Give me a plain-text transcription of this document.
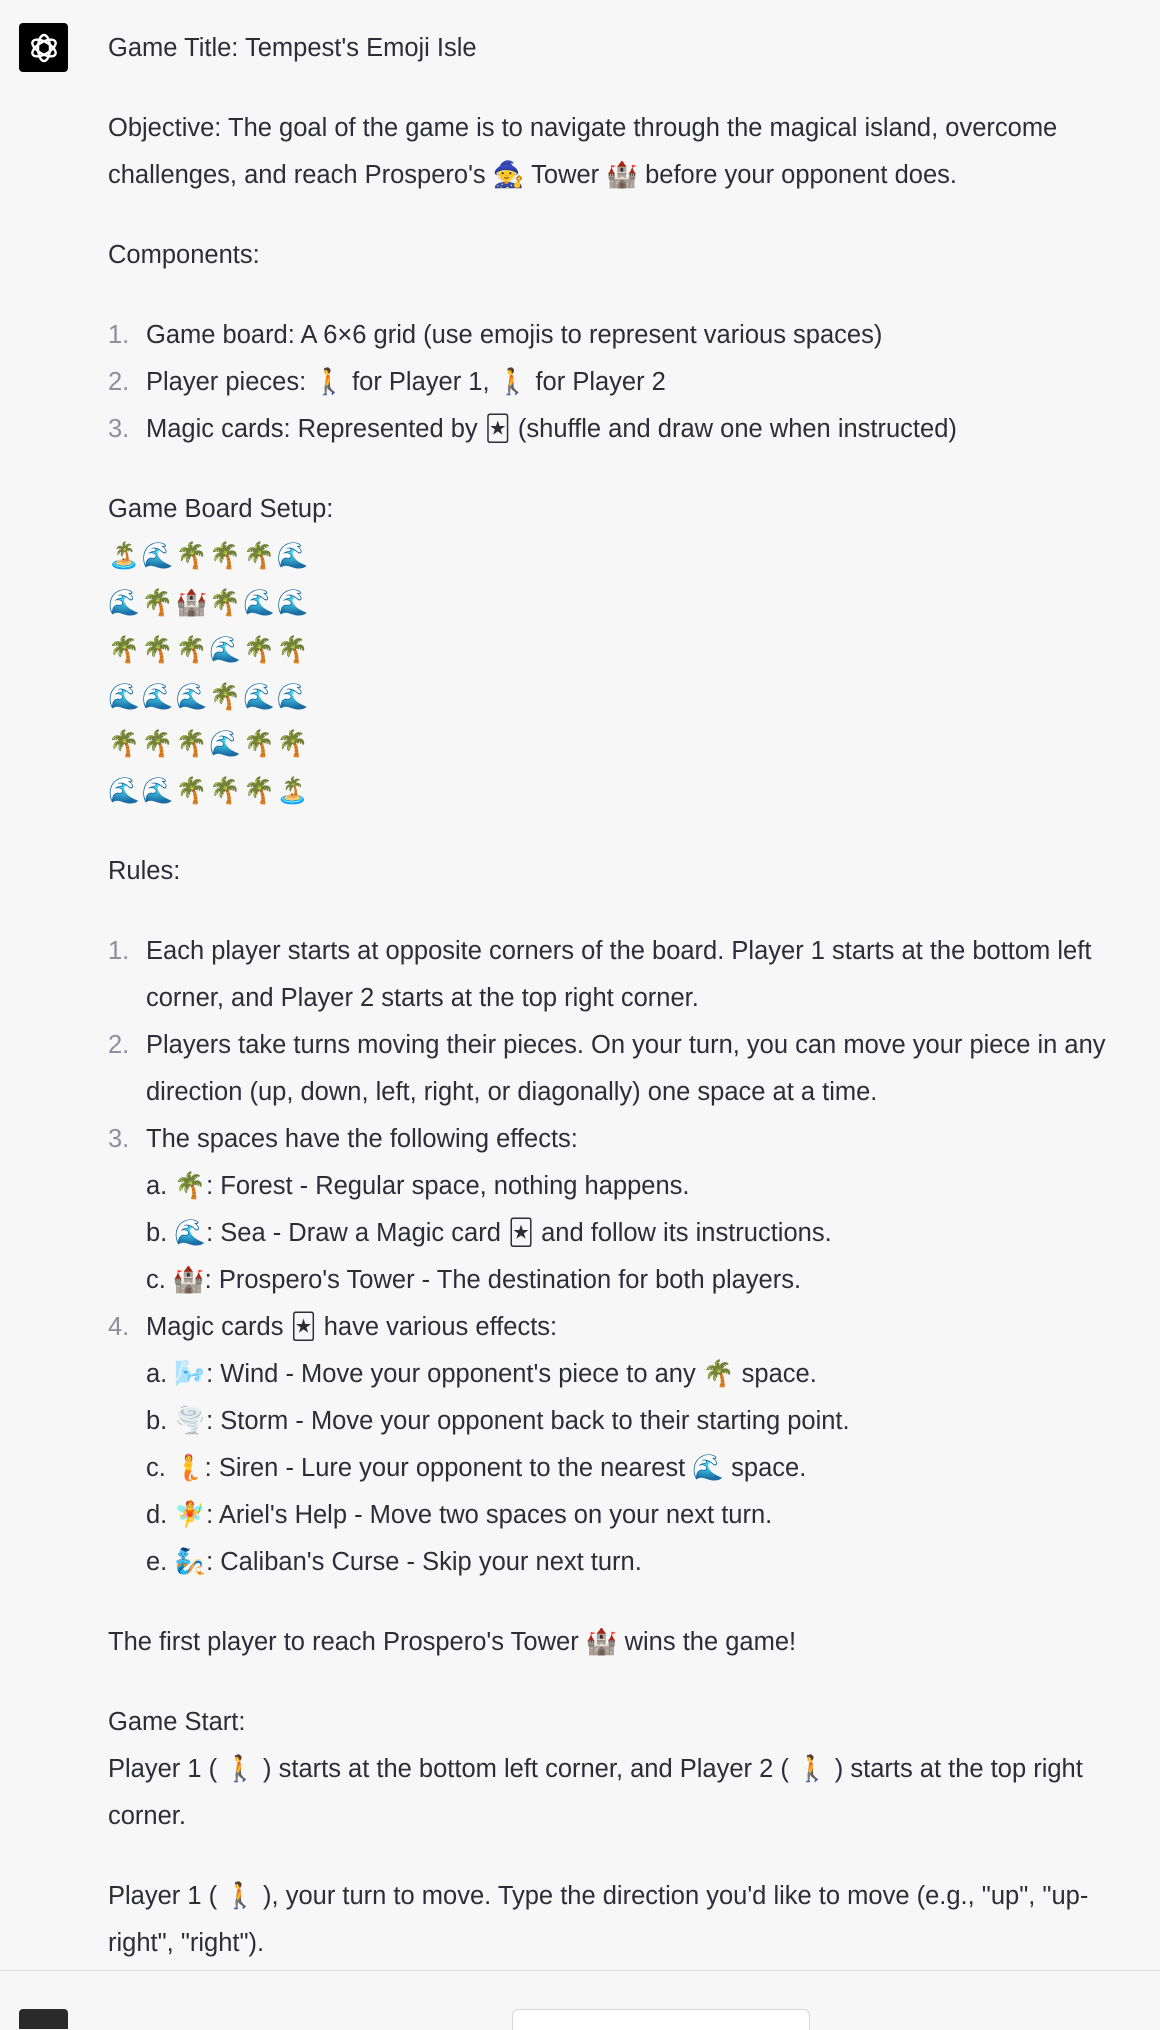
Game Title: Tempest's Emoji Isle

Objective: The goal of the game is to navigate through the magical island, overcome challenges, and reach Prospero's 🧙 Tower 🏰 before your opponent does.

Components:

1. Game board: A 6×6 grid (use emojis to represent various spaces)
2. Player pieces: 🚶 for Player 1, 🚶 for Player 2
3. Magic cards: Represented by 🃏 (shuffle and draw one when instructed)

Game Board Setup:

🏝️🌊🌴🌴🌴🌊
🌊🌴🏰🌴🌊🌊
🌴🌴🌴🌊🌴🌴
🌊🌊🌊🌴🌊🌊
🌴🌴🌴🌊🌴🌴
🌊🌊🌴🌴🌴🏝️

Rules:

1. Each player starts at opposite corners of the board. Player 1 starts at the bottom left corner, and Player 2 starts at the top right corner.
2. Players take turns moving their pieces. On your turn, you can move your piece in any direction (up, down, left, right, or diagonally) one space at a time.
3. The spaces have the following effects:
a. 🌴: Forest - Regular space, nothing happens.
b. 🌊: Sea - Draw a Magic card 🃏 and follow its instructions.
c. 🏰: Prospero's Tower - The destination for both players.
4. Magic cards 🃏 have various effects:
a. 🌬️: Wind - Move your opponent's piece to any 🌴 space.
b. 🌪️: Storm - Move your opponent back to their starting point.
c. 🧜: Siren - Lure your opponent to the nearest 🌊 space.
d. 🧚: Ariel's Help - Move two spaces on your next turn.
e. 🧞: Caliban's Curse - Skip your next turn.

The first player to reach Prospero's Tower 🏰 wins the game!

Game Start:

Player 1 ( 🚶 ) starts at the bottom left corner, and Player 2 ( 🚶 ) starts at the top right corner.

Player 1 ( 🚶 ), your turn to move. Type the direction you'd like to move (e.g., "up", "up-right", "right").
